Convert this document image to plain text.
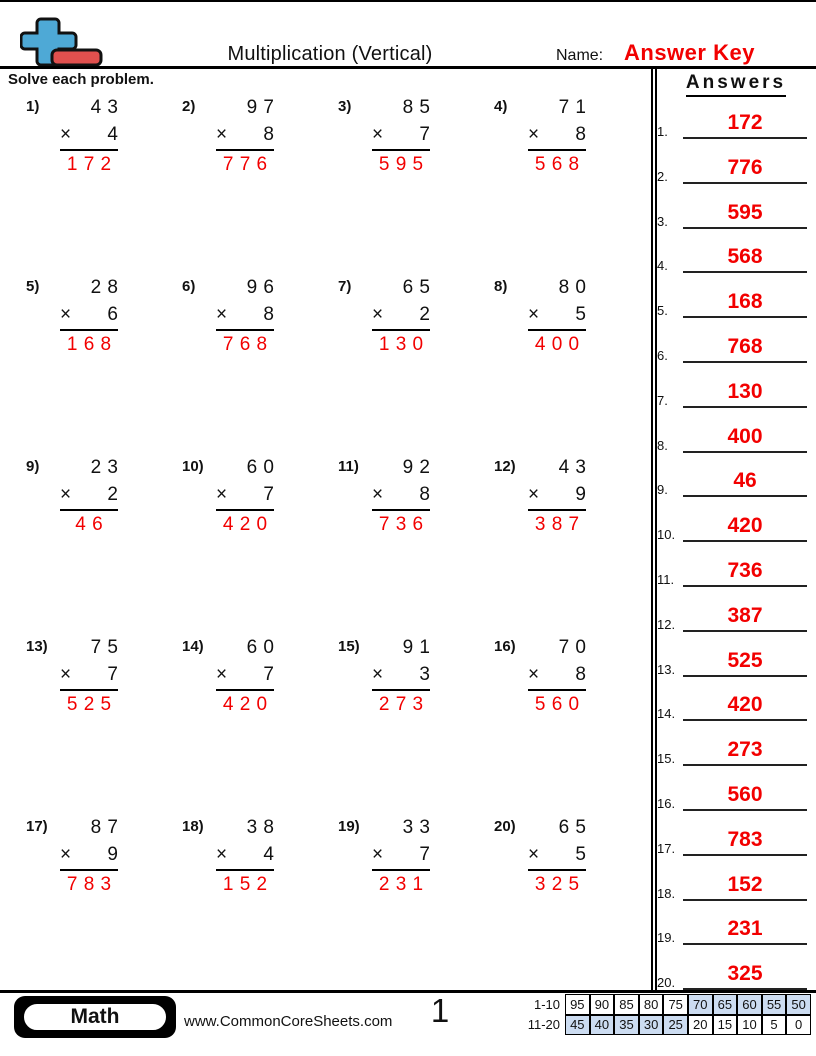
Multiplication (Vertical)	Name: Answer Key
Solve each problem.
1)	4 3
× 4
1 7 2
2)	9 7
× 8
7 7 6
3)	8 5
× 7
5 9 5
4)	7 1
× 8
5 6 8
5)	2 8
× 6
1 6 8
6)	9 6
× 8
7 6 8
7)	6 5
× 2
1 3 0
8)	8 0
× 5
4 0 0
9)	2 3
× 2
4 6
10)	6 0
× 7
4 2 0
11)	9 2
× 8
7 3 6
12)	4 3
× 9
3 8 7
13)	7 5
× 7
5 2 5
14)	6 0
× 7
4 2 0
15)	9 1
× 3
2 7 3
16)	7 0
× 8
5 6 0
17)	8 7
× 9
7 8 3
18)	3 8
× 4
1 5 2
19)	3 3
× 7
2 3 1
20)	6 5
× 5
3 2 5
Answers
1.	172
2.	776
3.	595
4.	568
5.	168
6.	768
7.	130
8.	400
9.	46
10.	420
11.	736
12.	387
13.	525
14.	420
15.	273
16.	560
17.	783
18.	152
19.	231
20.	325
Math	www.CommonCoreSheets.com	1	1-10 95 90 85 80 75 70 65 60 55 50
11-20 45 40 35 30 25 20 15 10	5	0
